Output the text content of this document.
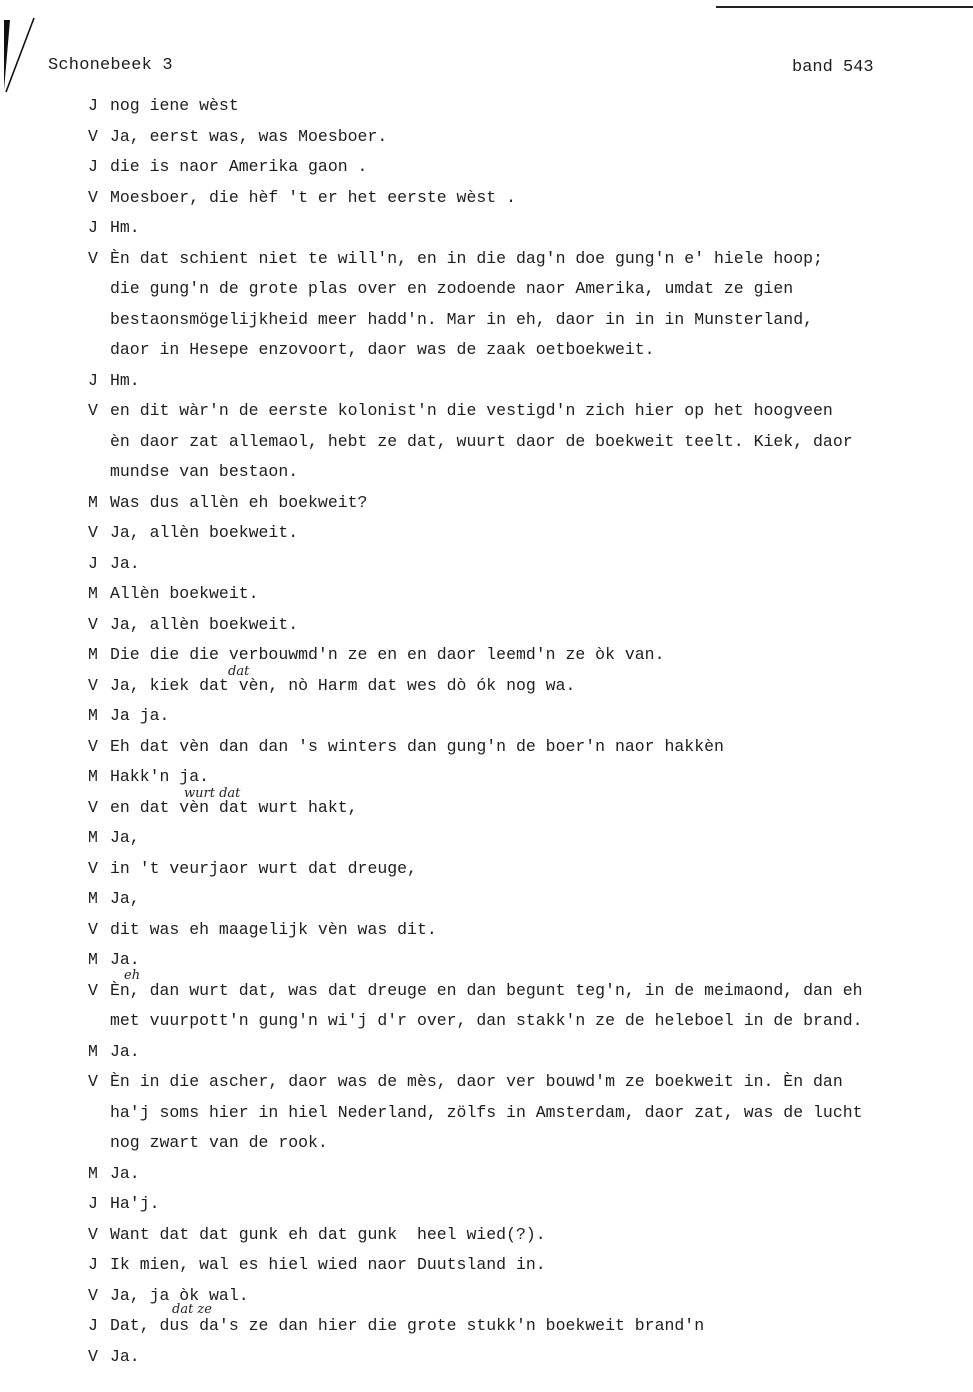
Schonebeek 3	band 543
J nog iene wèst
V Ja, eerst was, was Moesboer.
J die is naor Amerika gaon .
V Moesboer, die hèf 't er het eerste wèst .
J Hm.
V Èn dat schient niet te will'n, en in die dag'n doe gung'n e' hiele hoop;
die gung'n de grote plas over en zodoende naor Amerika, umdat ze gien
bestaonsmögelijkheid meer hadd'n. Mar in eh, daor in in in Munsterland,
daor in Hesepe enzovoort, daor was de zaak oetboekweit.
J Hm.
V en dit wàr'n de eerste kolonist'n die vestigd'n zich hier op het hoogveen
èn daor zat allemaol, hebt ze dat, wuurt daor de boekweit teelt. Kiek, daor
mundse van bestaon.
M Was dus allèn eh boekweit?
V Ja, allèn boekweit.
J Ja.
M Allèn boekweit.
V Ja, allèn boekweit.
M Die die die verbouwmd'n ze en en daor leemd'n ze òk van.
V Ja, kiek dat vèn, nò Harm dat wes dò ók nog wa.
M Ja ja.
V Eh dat vèn dan dan 's winters dan gung'n de boer'n naor hakkèn
M Hakk'n ja.
V en dat vèn dat wurt hakt,
M Ja,
V in 't veurjaor wurt dat dreuge,
M Ja,
V dit was eh maagelijk vèn was dit.
M Ja.
V Èn, dan wurt dat, was dat dreuge en dan begunt teg'n, in de meimaond, dan eh
met vuurpott'n gung'n wi'j d'r over, dan stakk'n ze de heleboel in de brand.
M Ja.
V Èn in die ascher, daor was de mès, daor ver bouwd'm ze boekweit in. Èn dan
ha'j soms hier in hiel Nederland, zölfs in Amsterdam, daor zat, was de lucht
nog zwart van de rook.
M Ja.
J Ha'j.
V Want dat dat gunk eh dat gunk  heel wied(?).
J Ik mien, wal es hiel wied naor Duutsland in.
V Ja, ja òk wal.
J Dat, dus da's ze dan hier die grote stukk'n boekweit brand'n
V Ja.
dat
wurt dat
eh
dat ze
